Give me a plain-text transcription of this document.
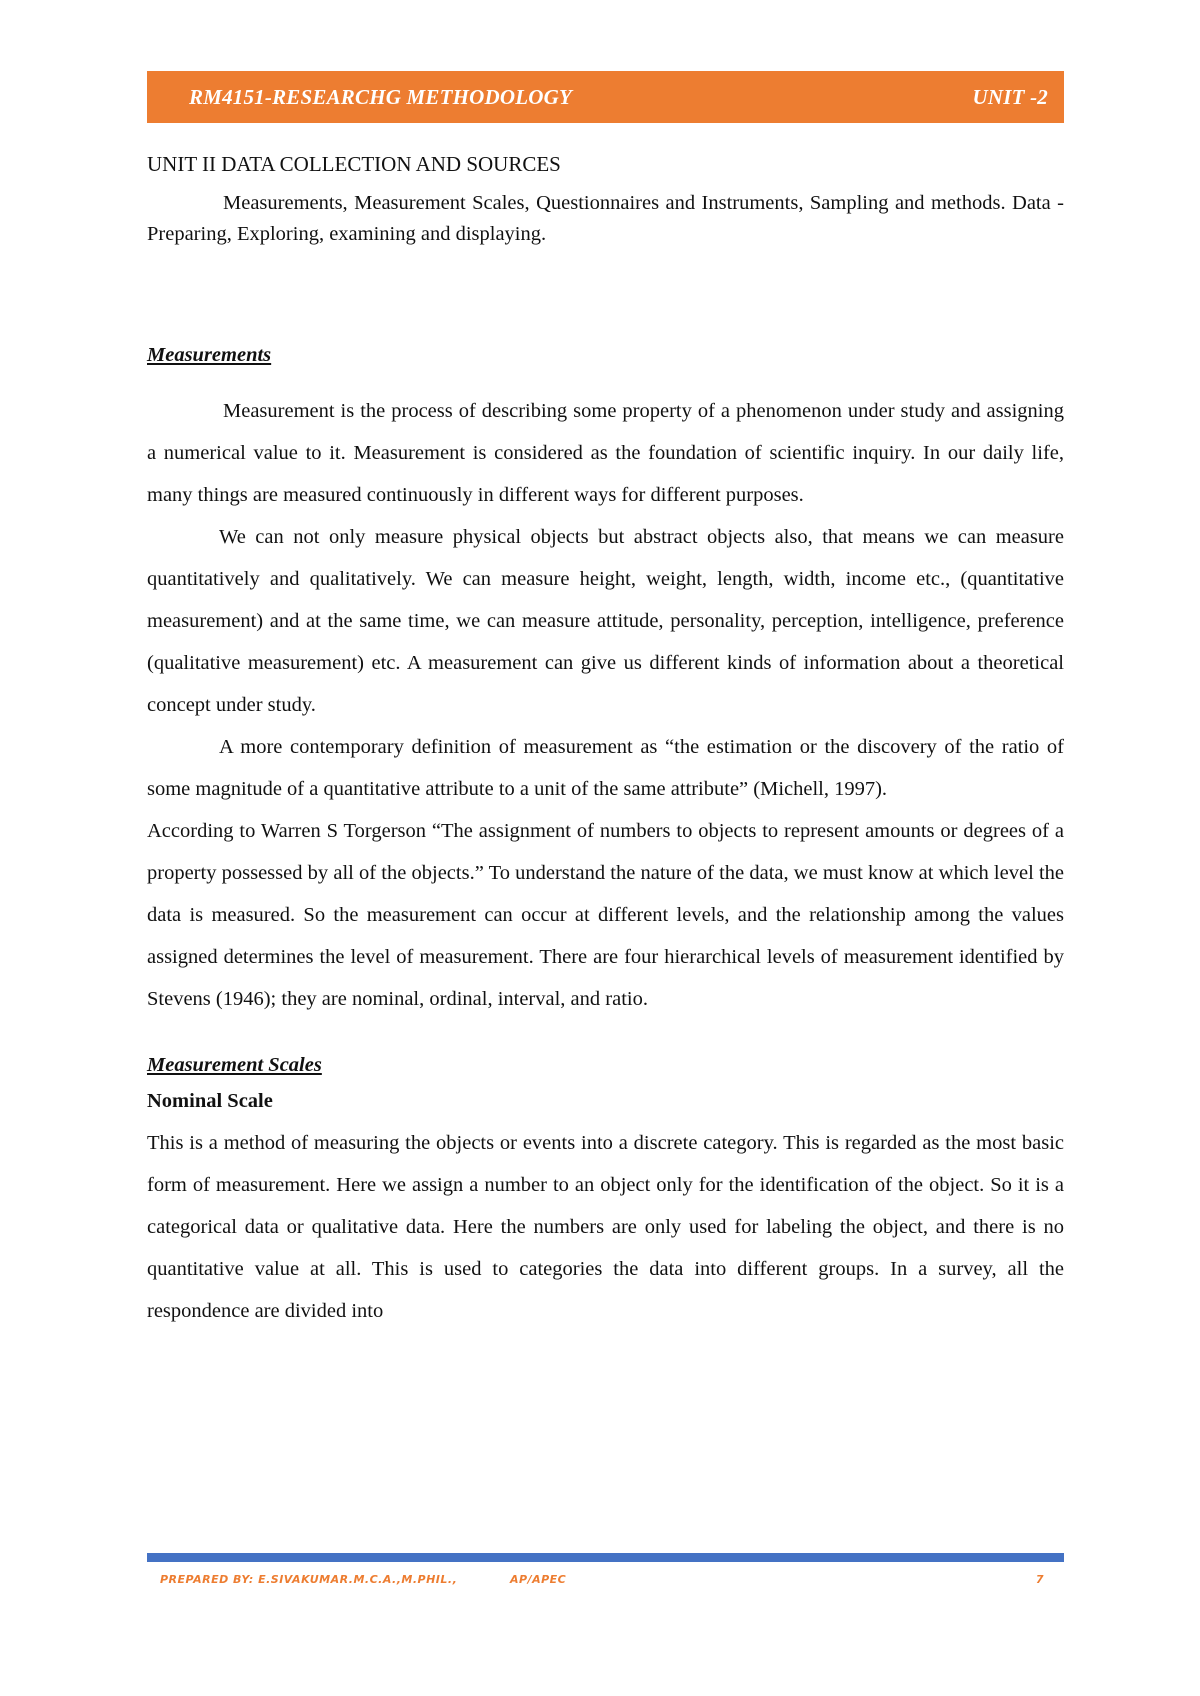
RM4151-RESEARCHG METHODOLOGY	UNIT -2

UNIT II DATA COLLECTION AND SOURCES

Measurements, Measurement Scales, Questionnaires and Instruments, Sampling and methods. Data - Preparing, Exploring, examining and displaying.

Measurements

Measurement is the process of describing some property of a phenomenon under study and assigning a numerical value to it. Measurement is considered as the foundation of scientific inquiry. In our daily life, many things are measured continuously in different ways for different purposes.

We can not only measure physical objects but abstract objects also, that means we can measure quantitatively and qualitatively. We can measure height, weight, length, width, income etc., (quantitative measurement) and at the same time, we can measure attitude, personality, perception, intelligence, preference (qualitative measurement) etc. A measurement can give us different kinds of information about a theoretical concept under study.

A more contemporary definition of measurement as “the estimation or the discovery of the ratio of some magnitude of a quantitative attribute to a unit of the same attribute” (Michell, 1997).

According to Warren S Torgerson “The assignment of numbers to objects to represent amounts or degrees of a property possessed by all of the objects.” To understand the nature of the data, we must know at which level the data is measured. So the measurement can occur at different levels, and the relationship among the values assigned determines the level of measurement. There are four hierarchical levels of measurement identified by Stevens (1946); they are nominal, ordinal, interval, and ratio.

Measurement Scales

Nominal Scale

This is a method of measuring the objects or events into a discrete category. This is regarded as the most basic form of measurement. Here we assign a number to an object only for the identification of the object. So it is a categorical data or qualitative data. Here the numbers are only used for labeling the object, and there is no quantitative value at all. This is used to categories the data into different groups. In a survey, all the respondence are divided into

PREPARED BY: E.SIVAKUMAR.M.C.A.,M.PHIL.,	AP/APEC	7
